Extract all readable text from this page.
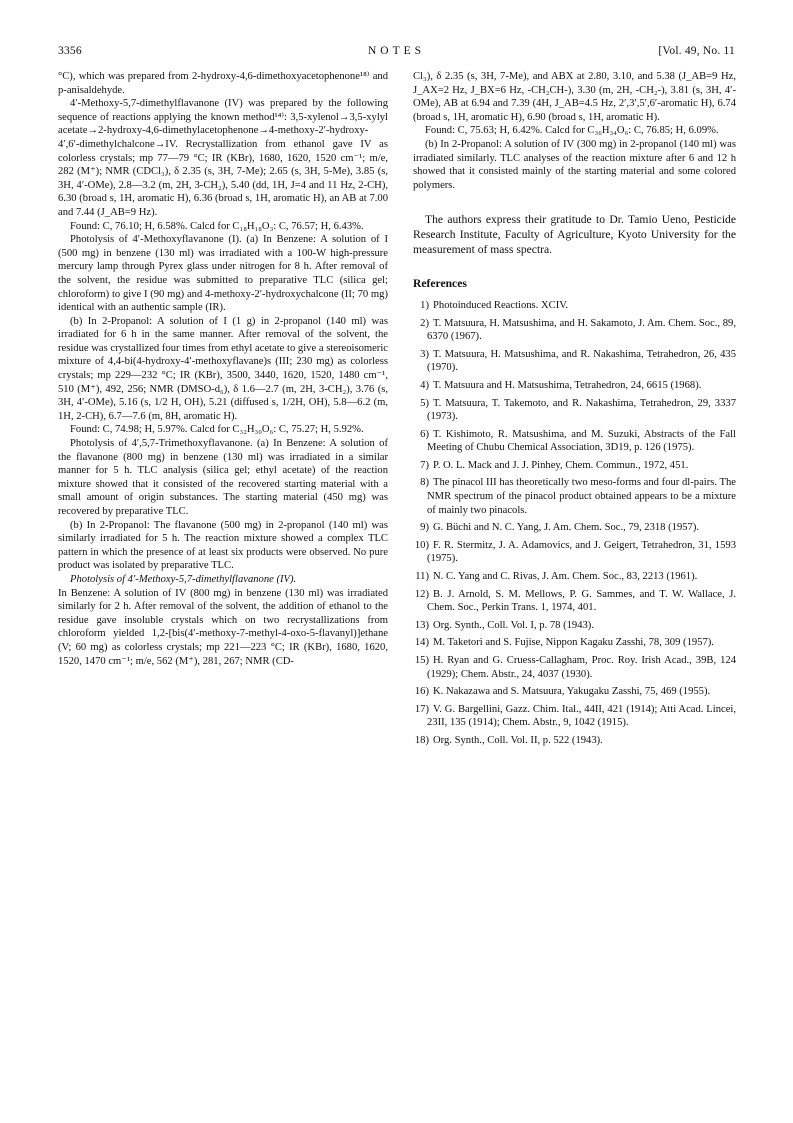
3356	NOTES	[Vol. 49, No. 11

°C), which was prepared from 2-hydroxy-4,6-dimethoxyacetophenone¹⁸⁾ and p-anisaldehyde.

4′-Methoxy-5,7-dimethylflavanone (IV) was prepared by the following sequence of reactions applying the known method¹⁴⁾: 3,5-xylenol→3,5-xylyl acetate→2-hydroxy-4,6-dimethylacetophenone→4-methoxy-2′-hydroxy-4′,6′-dimethylchalcone→IV. Recrystallization from ethanol gave IV as colorless crystals; mp 77—79 °C; IR (KBr), 1680, 1620, 1520 cm⁻¹; m/e, 282 (M⁺); NMR (CDCl₃), δ 2.35 (s, 3H, 7-Me); 2.65 (s, 3H, 5-Me), 3.85 (s, 3H, 4′-OMe), 2.8—3.2 (m, 2H, 3-CH₂), 5.40 (dd, 1H, J=4 and 11 Hz, 2-CH), 6.30 (broad s, 1H, aromatic H), 6.36 (broad s, 1H, aromatic H), an AB at 7.00 and 7.44 (J_AB=9 Hz).

Found: C, 76.10; H, 6.58%. Calcd for C₁₈H₁₈O₃: C, 76.57; H, 6.43%.

Photolysis of 4′-Methoxyflavanone (I). (a) In Benzene: A solution of I (500 mg) in benzene (130 ml) was irradiated with a 100-W high-pressure mercury lamp through Pyrex glass under nitrogen for 8 h. After removal of the solvent, the residue was submitted to preparative TLC (silica gel; chloroform) to give I (90 mg) and 4-methoxy-2′-hydroxychalcone (II; 70 mg) identical with an authentic sample (IR).

(b) In 2-Propanol: A solution of I (1 g) in 2-propanol (140 ml) was irradiated for 6 h in the same manner. After removal of the solvent, the residue was crystallized four times from ethyl acetate to give a stereoisomeric mixture of 4,4-bi(4-hydroxy-4′-methoxyflavane)s (III; 230 mg) as colorless crystals; mp 229—232 °C; IR (KBr), 3500, 3440, 1620, 1520, 1480 cm⁻¹, 510 (M⁺), 492, 256; NMR (DMSO-d₆), δ 1.6—2.7 (m, 2H, 3-CH₂), 3.76 (s, 3H, 4′-OMe), 5.16 (s, 1/2 H, OH), 5.21 (diffused s, 1/2H, OH), 5.8—6.2 (m, 1H, 2-CH), 6.7—7.6 (m, 8H, aromatic H).

Found: C, 74.98; H, 5.97%. Calcd for C₃₂H₃₀O₆: C, 75.27; H, 5.92%.

Photolysis of 4′,5,7-Trimethoxyflavanone. (a) In Benzene: A solution of the flavanone (800 mg) in benzene (130 ml) was irradiated in a similar manner for 5 h. TLC analysis (silica gel; ethyl acetate) of the reaction mixture showed that it consisted of the recovered starting material with a small amount of origin substances. The starting material (450 mg) was recovered by preparative TLC.

(b) In 2-Propanol: The flavanone (500 mg) in 2-propanol (140 ml) was similarly irradiated for 5 h. The reaction mixture showed a complex TLC pattern in which the presence of at least six products were observed. No pure product was isolated by preparative TLC.

Photolysis of 4′-Methoxy-5,7-dimethylflavanone (IV).

In Benzene: A solution of IV (800 mg) in benzene (130 ml) was irradiated similarly for 2 h. After removal of the solvent, the addition of ethanol to the residue gave insoluble crystals which on two recrystallizations from chloroform yielded 1,2-[bis(4′-methoxy-7-methyl-4-oxo-5-flavanyl)]ethane (V; 60 mg) as colorless crystals; mp 221—223 °C; IR (KBr), 1680, 1620, 1520, 1470 cm⁻¹; m/e, 562 (M⁺), 281, 267; NMR (CD-

Cl₃), δ 2.35 (s, 3H, 7-Me), and ABX at 2.80, 3.10, and 5.38 (J_AB=9 Hz, J_AX=2 Hz, J_BX=6 Hz, -CH₂CH-), 3.30 (m, 2H, -CH₂-), 3.81 (s, 3H, 4′-OMe), AB at 6.94 and 7.39 (4H, J_AB=4.5 Hz, 2′,3′,5′,6′-aromatic H), 6.74 (broad s, 1H, aromatic H), 6.90 (broad s, 1H, aromatic H).

Found: C, 75.63; H, 6.42%. Calcd for C₃₆H₃₄O₆: C, 76.85; H, 6.09%.

(b) In 2-Propanol: A solution of IV (300 mg) in 2-propanol (140 ml) was irradiated similarly. TLC analyses of the reaction mixture after 6 and 12 h showed that it consisted mainly of the starting material and some colored polymers.

The authors express their gratitude to Dr. Tamio Ueno, Pesticide Research Institute, Faculty of Agriculture, Kyoto University for the measurement of mass spectra.

References

1) Photoinduced Reactions. XCIV.
2) T. Matsuura, H. Matsushima, and H. Sakamoto, J. Am. Chem. Soc., 89, 6370 (1967).
3) T. Matsuura, H. Matsushima, and R. Nakashima, Tetrahedron, 26, 435 (1970).
4) T. Matsuura and H. Matsushima, Tetrahedron, 24, 6615 (1968).
5) T. Matsuura, T. Takemoto, and R. Nakashima, Tetrahedron, 29, 3337 (1973).
6) T. Kishimoto, R. Matsushima, and M. Suzuki, Abstracts of the Fall Meeting of Chubu Chemical Association, 3D19, p. 126 (1975).
7) P. O. L. Mack and J. J. Pinhey, Chem. Commun., 1972, 451.
8) The pinacol III has theoretically two meso-forms and four dl-pairs. The NMR spectrum of the pinacol product obtained appears to be a mixture of mainly two pinacols.
9) G. Büchi and N. C. Yang, J. Am. Chem. Soc., 79, 2318 (1957).
10) F. R. Stermitz, J. A. Adamovics, and J. Geigert, Tetrahedron, 31, 1593 (1975).
11) N. C. Yang and C. Rivas, J. Am. Chem. Soc., 83, 2213 (1961).
12) B. J. Arnold, S. M. Mellows, P. G. Sammes, and T. W. Wallace, J. Chem. Soc., Perkin Trans. 1, 1974, 401.
13) Org. Synth., Coll. Vol. I, p. 78 (1943).
14) M. Taketori and S. Fujise, Nippon Kagaku Zasshi, 78, 309 (1957).
15) H. Ryan and G. Cruess-Callagham, Proc. Roy. Irish Acad., 39B, 124 (1929); Chem. Abstr., 24, 4037 (1930).
16) K. Nakazawa and S. Matsuura, Yakugaku Zasshi, 75, 469 (1955).
17) V. G. Bargellini, Gazz. Chim. Ital., 44II, 421 (1914); Atti Acad. Lincei, 23II, 135 (1914); Chem. Abstr., 9, 1042 (1915).
18) Org. Synth., Coll. Vol. II, p. 522 (1943).
